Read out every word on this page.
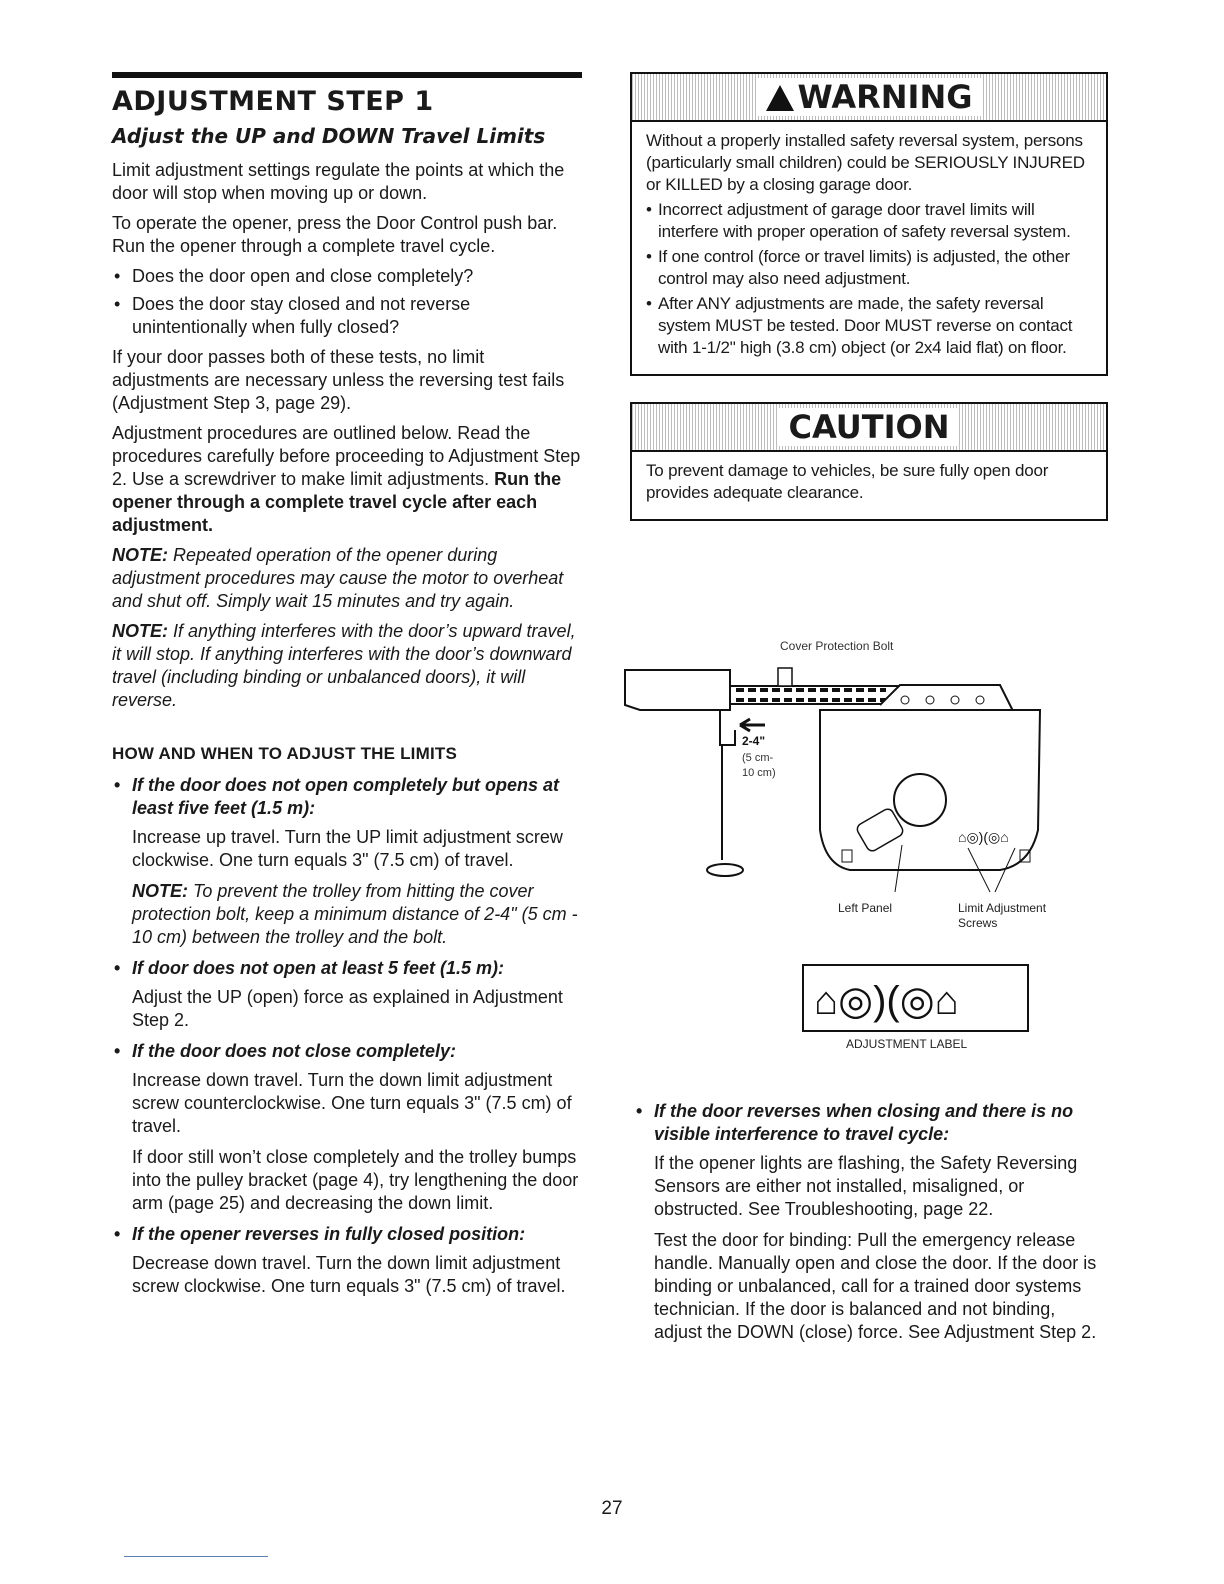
ADJUSTMENT STEP 1
Adjust the UP and DOWN Travel Limits

Limit adjustment settings regulate the points at which the door will stop when moving up or down.

To operate the opener, press the Door Control push bar. Run the opener through a complete travel cycle.

• Does the door open and close completely?
• Does the door stay closed and not reverse unintentionally when fully closed?

If your door passes both of these tests, no limit adjustments are necessary unless the reversing test fails (Adjustment Step 3, page 29).

Adjustment procedures are outlined below. Read the procedures carefully before proceeding to Adjustment Step 2. Use a screwdriver to make limit adjustments. Run the opener through a complete travel cycle after each adjustment.

NOTE: Repeated operation of the opener during adjustment procedures may cause the motor to overheat and shut off. Simply wait 15 minutes and try again.

NOTE: If anything interferes with the door’s upward travel, it will stop. If anything interferes with the door’s downward travel (including binding or unbalanced doors), it will reverse.

HOW AND WHEN TO ADJUST THE LIMITS
• If the door does not open completely but opens at least five feet (1.5 m):

Increase up travel. Turn the UP limit adjustment screw clockwise. One turn equals 3" (7.5 cm) of travel.

NOTE: To prevent the trolley from hitting the cover protection bolt, keep a minimum distance of 2-4" (5 cm - 10 cm) between the trolley and the bolt.

• If door does not open at least 5 feet (1.5 m):

Adjust the UP (open) force as explained in Adjustment Step 2.

• If the door does not close completely:

Increase down travel. Turn the down limit adjustment screw counterclockwise. One turn equals 3" (7.5 cm) of travel.

If door still won’t close completely and the trolley bumps into the pulley bracket (page 4), try lengthening the door arm (page 25) and decreasing the down limit.

• If the opener reverses in fully closed position:

Decrease down travel. Turn the down limit adjustment screw clockwise. One turn equals 3" (7.5 cm) of travel.

WARNING

Without a properly installed safety reversal system, persons (particularly small children) could be SERIOUSLY INJURED or KILLED by a closing garage door.

• Incorrect adjustment of garage door travel limits will interfere with proper operation of safety reversal system.
• If one control (force or travel limits) is adjusted, the other control may also need adjustment.
• After ANY adjustments are made, the safety reversal system MUST be tested. Door MUST reverse on contact with 1-1/2" high (3.8 cm) object (or 2x4 laid flat) on floor.
CAUTION

To prevent damage to vehicles, be sure fully open door provides adequate clearance.

Cover Protection Bolt
2-4"
(5 cm-
10 cm)
⌂◎)(◎⌂
Left Panel	Limit Adjustment
Screws
⌂◎)(◎⌂
ADJUSTMENT LABEL
• If the door reverses when closing and there is no visible interference to travel cycle:

If the opener lights are flashing, the Safety Reversing Sensors are either not installed, misaligned, or obstructed. See Troubleshooting, page 22.

Test the door for binding: Pull the emergency release handle. Manually open and close the door. If the door is binding or unbalanced, call for a trained door systems technician. If the door is balanced and not binding, adjust the DOWN (close) force. See Adjustment Step 2.

27
